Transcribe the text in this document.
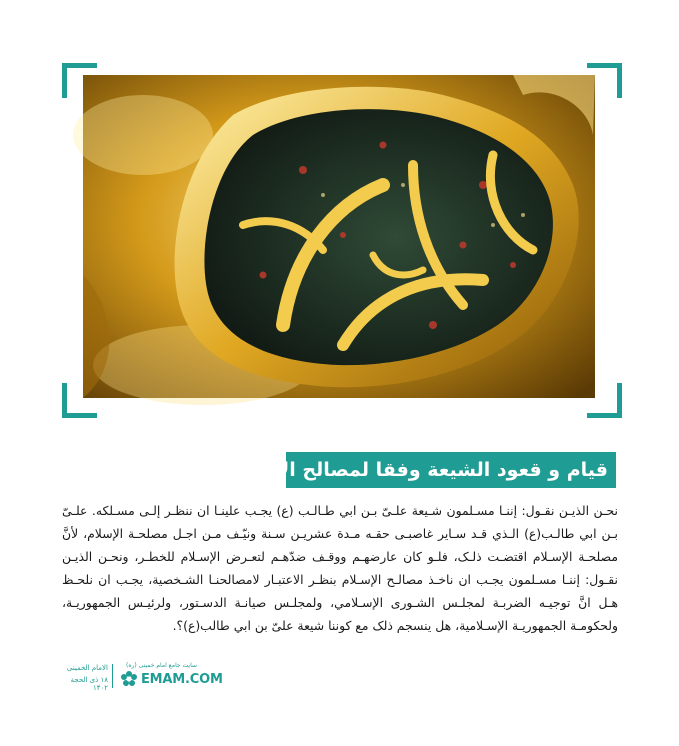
قیام و قعود الشیعة وفقا لمصالح الإسلام

نحـن الذیـن نقـول: إننـا مسـلمون شـیعة علـیّ بـن ابي طـالـب (ع) یجـب علینـا ان ننظـر إلـی مسـلکه. علـیّ بـن ابي طالـب(ع) الـذي قـد سـایر غاصبـی حقـه مـدة عشریـن سـنة ونیّـف مـن اجـل مصلحـة الإسلام، لأنَّ مصلحـة الإسـلام اقتضـت ذلـک، فلـو کان عارضهـم ووقـف ضدّهـم لتعـرض الإسـلام للخطـر، ونحـن الذیـن نقـول: إننـا مسـلمون یجـب ان ناخـذ مصالـح الإسـلام بنظـر الاعتبـار لامصالحنـا الشـخصیة، یجـب ان نلحـظ هـل انَّ توجیـه الضربـة لمجلـس الشـوری الإسـلامي، ولمجلـس صیانـة الدسـتور، ولرئیـس الجمهوریـة، ولحکومـة الجمهوریـة الإسـلامیة، هل ینسجم ذلک مع کوننا شیعة علیّ بن ابي طالب(ع)؟.

سایت جامع امام خمینی (ره)
EMAM.COM
الامام الخمینی
۱۸ ذی الحجة ۱۴۰۲
